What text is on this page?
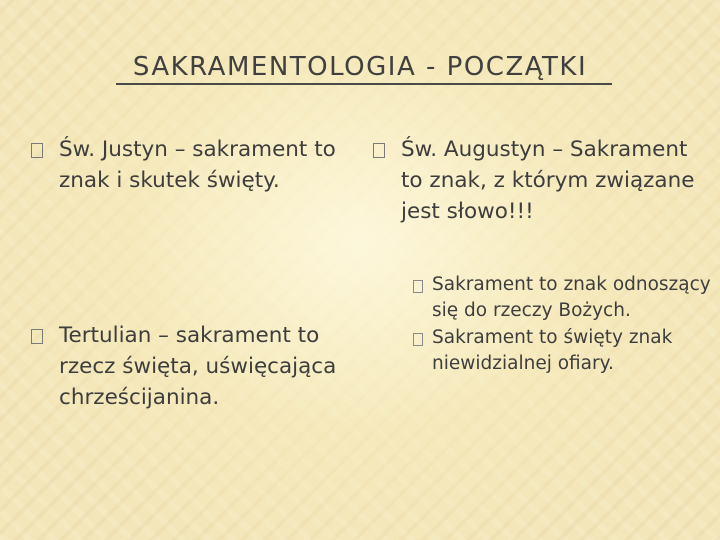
SAKRAMENTOLOGIA - POCZĄTKI
Św. Justyn – sakrament to znak i skutek święty.
Tertulian – sakrament to rzecz święta, uświęcająca chrześcijanina.
Św. Augustyn – Sakrament to znak, z którym związane jest słowo!!!
Sakrament to znak odnoszący się do rzeczy Bożych.
Sakrament to święty znak niewidzialnej ofiary.
